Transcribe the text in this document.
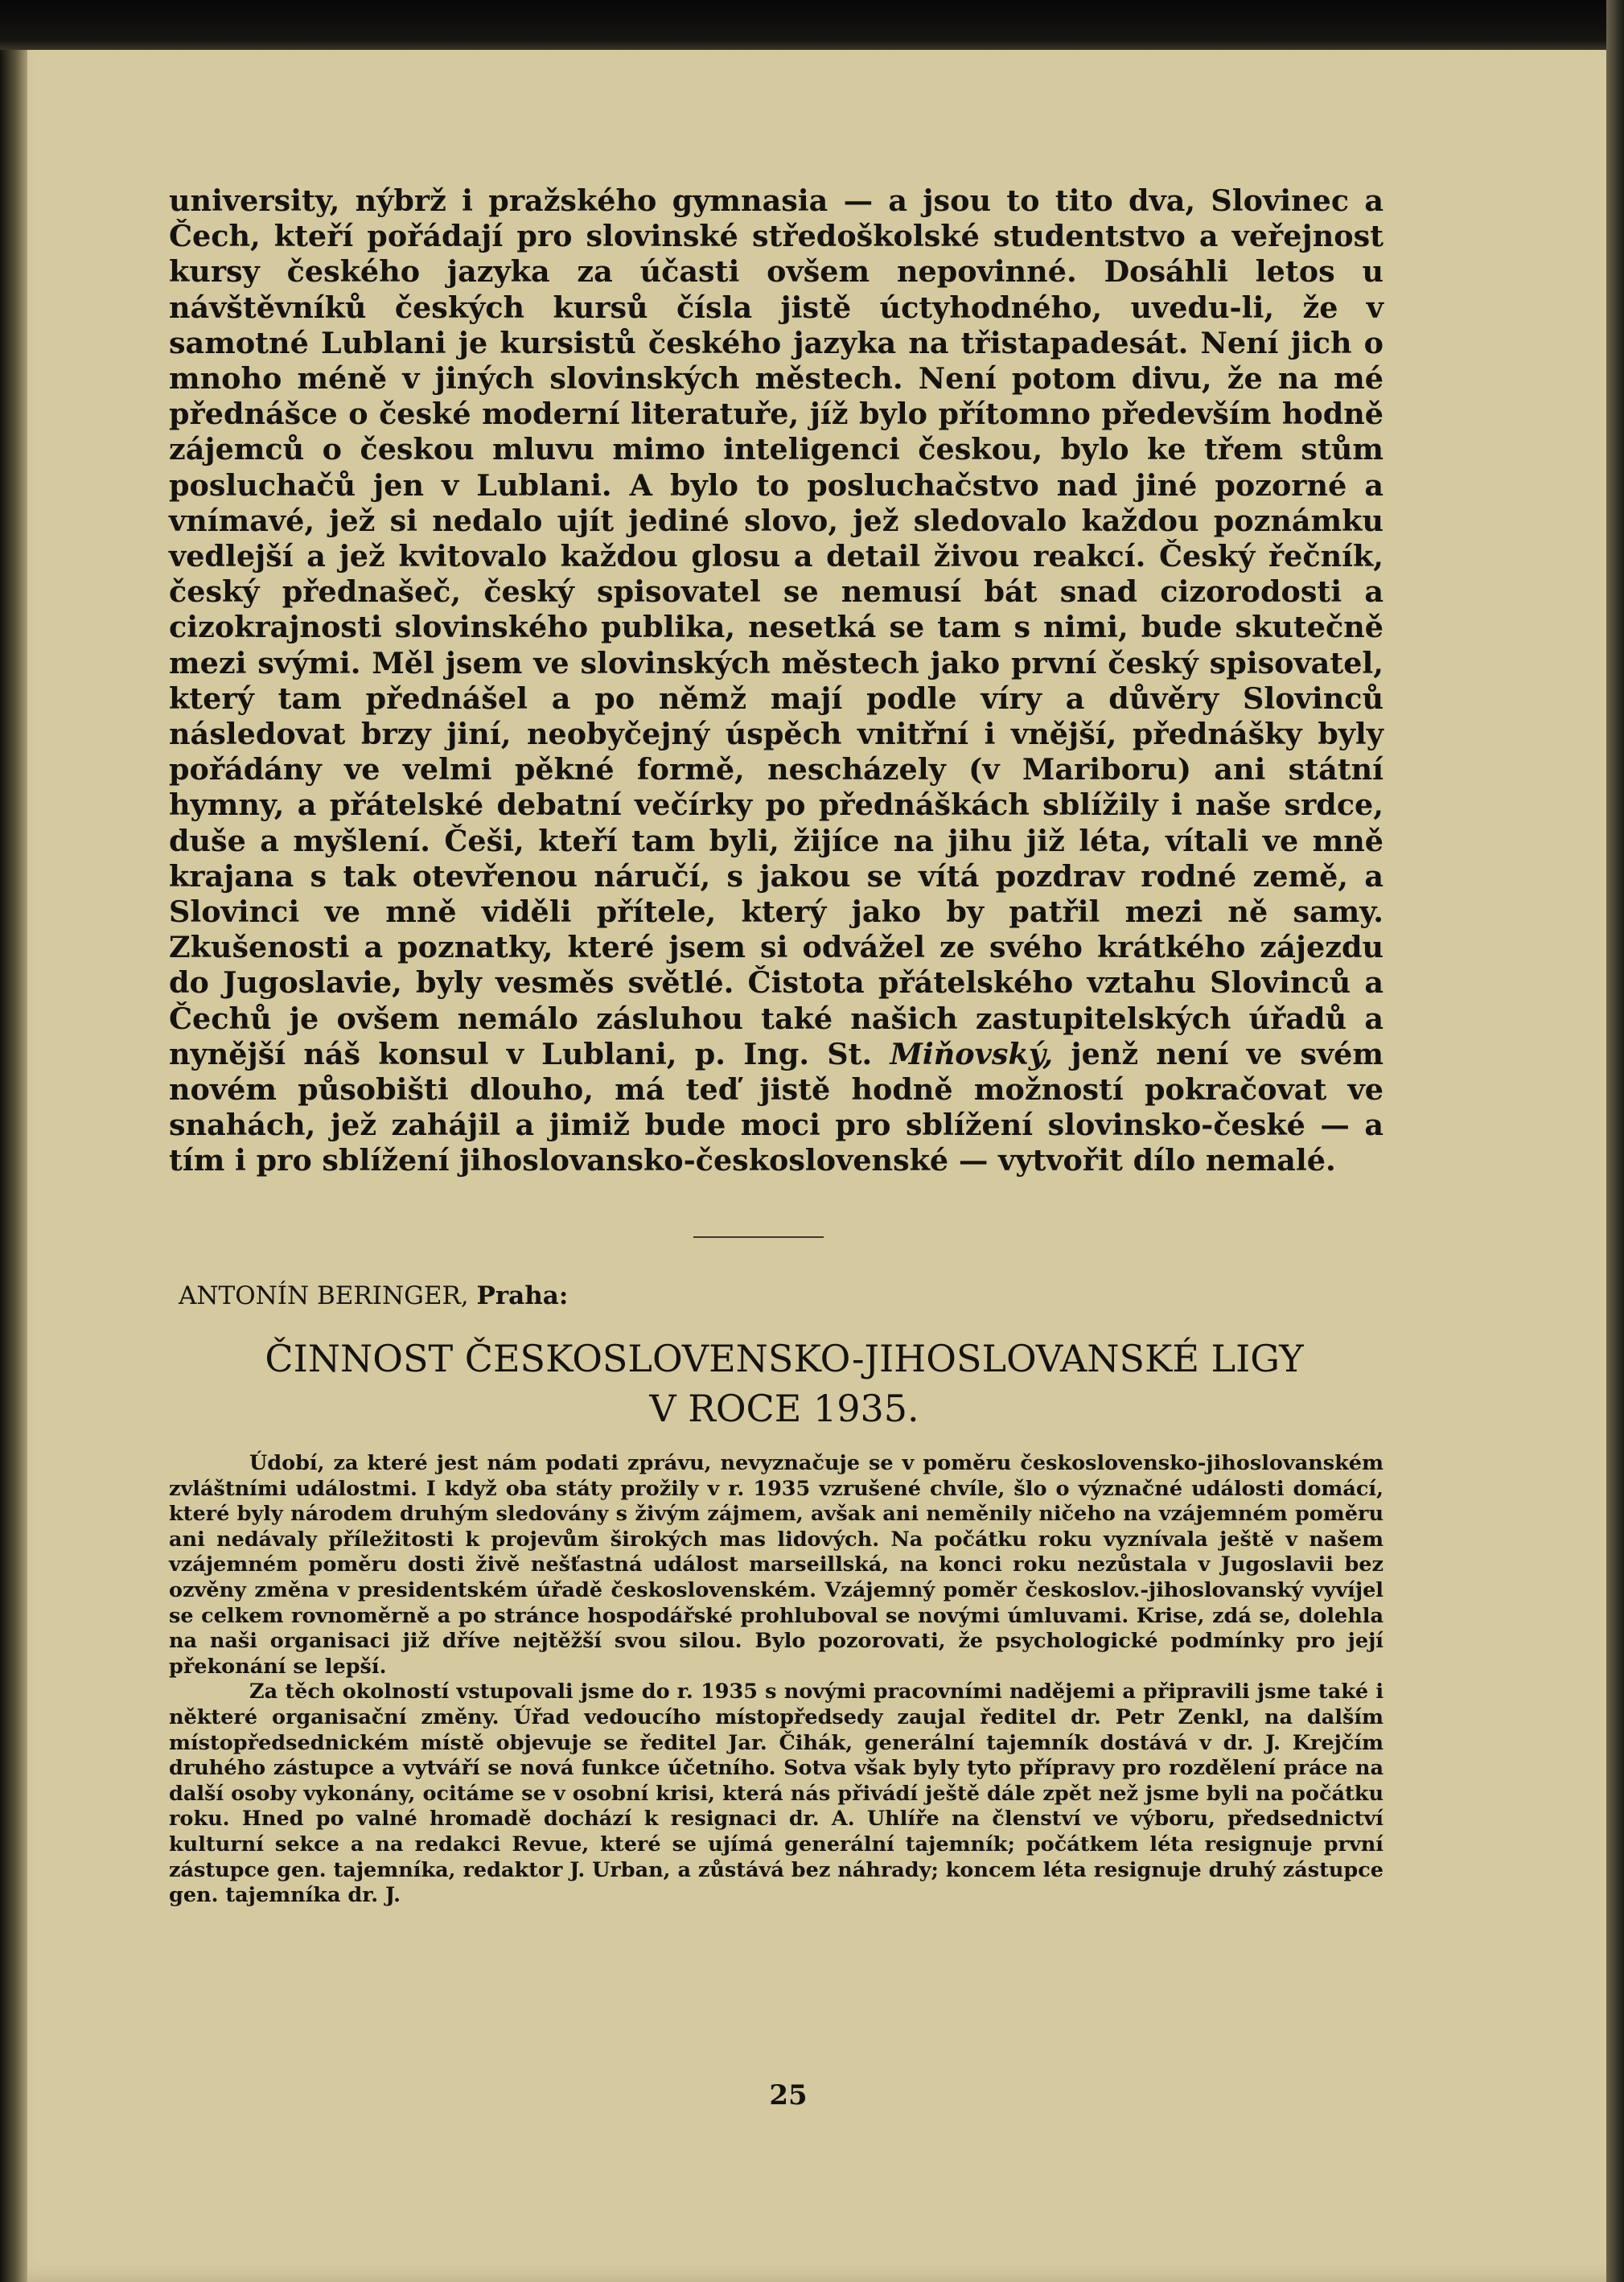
university, nýbrž i pražského gymnasia — a jsou to tito dva, Slovinec a Čech, kteří pořádají pro slovinské středoškolské studentstvo a veřejnost kursy českého jazyka za účasti ovšem nepovinné. Dosáhli letos u návštěvníků českých kursů čísla jistě úctyhodného, uvedu-li, že v samotné Lublani je kursistů českého jazyka na třistapadesát. Není jich o mnoho méně v jiných slovinských městech. Není potom divu, že na mé přednášce o české moderní literatuře, jíž bylo přítomno především hodně zájemců o českou mluvu mimo inteligenci českou, bylo ke třem stům posluchačů jen v Lublani. A bylo to posluchačstvo nad jiné pozorné a vnímavé, jež si nedalo ujít jediné slovo, jež sledovalo každou poznámku vedlejší a jež kvitovalo každou glosu a detail živou reakcí. Český řečník, český přednašeč, český spisovatel se nemusí bát snad cizorodosti a cizokrajnosti slovinského publika, nesetká se tam s nimi, bude skutečně mezi svými. Měl jsem ve slovinských městech jako první český spisovatel, který tam přednášel a po němž mají podle víry a důvěry Slovinců následovat brzy jiní, neobyčejný úspěch vnitřní i vnější, přednášky byly pořádány ve velmi pěkné formě, nescházely (v Mariboru) ani státní hymny, a přátelské debatní večírky po přednáškách sblížily i naše srdce, duše a myšlení. Češi, kteří tam byli, žijíce na jihu již léta, vítali ve mně krajana s tak otevřenou náručí, s jakou se vítá pozdrav rodné země, a Slovinci ve mně viděli přítele, který jako by patřil mezi ně samy. Zkušenosti a poznatky, které jsem si odvážel ze svého krátkého zájezdu do Jugoslavie, byly vesměs světlé. Čistota přátelského vztahu Slovinců a Čechů je ovšem nemálo zásluhou také našich zastupitelských úřadů a nynější náš konsul v Lublani, p. Ing. St. Miňovský, jenž není ve svém novém působišti dlouho, má teď jistě hodně možností pokračovat ve snahách, jež zahájil a jimiž bude moci pro sblížení slovinsko-české — a tím i pro sblížení jihoslovansko-československé — vytvořit dílo nemalé.

ANTONÍN BERINGER, Praha:
ČINNOST ČESKOSLOVENSKO-JIHOSLOVANSKÉ LIGY
V ROCE 1935.

Údobí, za které jest nám podati zprávu, nevyznačuje se v poměru československo-jihoslovanském zvláštními událostmi. I když oba státy prožily v r. 1935 vzrušené chvíle, šlo o význačné události domácí, které byly národem druhým sledovány s živým zájmem, avšak ani neměnily ničeho na vzájemném poměru ani nedávaly příležitosti k projevům širokých mas lidových. Na počátku roku vyznívala ještě v našem vzájemném poměru dosti živě nešťastná událost marseillská, na konci roku nezůstala v Jugoslavii bez ozvěny změna v presidentském úřadě československém. Vzájemný poměr českoslov.-jihoslovanský vyvíjel se celkem rovnoměrně a po stránce hospodářské prohluboval se novými úmluvami. Krise, zdá se, dolehla na naši organisaci již dříve nejtěžší svou silou. Bylo pozorovati, že psychologické podmínky pro její překonání se lepší.
Za těch okolností vstupovali jsme do r. 1935 s novými pracovními nadějemi a připravili jsme také i některé organisační změny. Úřad vedoucího místopředsedy zaujal ředitel dr. Petr Zenkl, na dalším místopředsednickém místě objevuje se ředitel Jar. Čihák, generální tajemník dostává v dr. J. Krejčím druhého zástupce a vytváří se nová funkce účetního. Sotva však byly tyto přípravy pro rozdělení práce na další osoby vykonány, ocitáme se v osobní krisi, která nás přivádí ještě dále zpět než jsme byli na počátku roku. Hned po valné hromadě dochází k resignaci dr. A. Uhlíře na členství ve výboru, předsednictví kulturní sekce a na redakci Revue, které se ujímá generální tajemník; počátkem léta resignuje první zástupce gen. tajemníka, redaktor J. Urban, a zůstává bez náhrady; koncem léta resignuje druhý zástupce gen. tajemníka dr. J.

25
